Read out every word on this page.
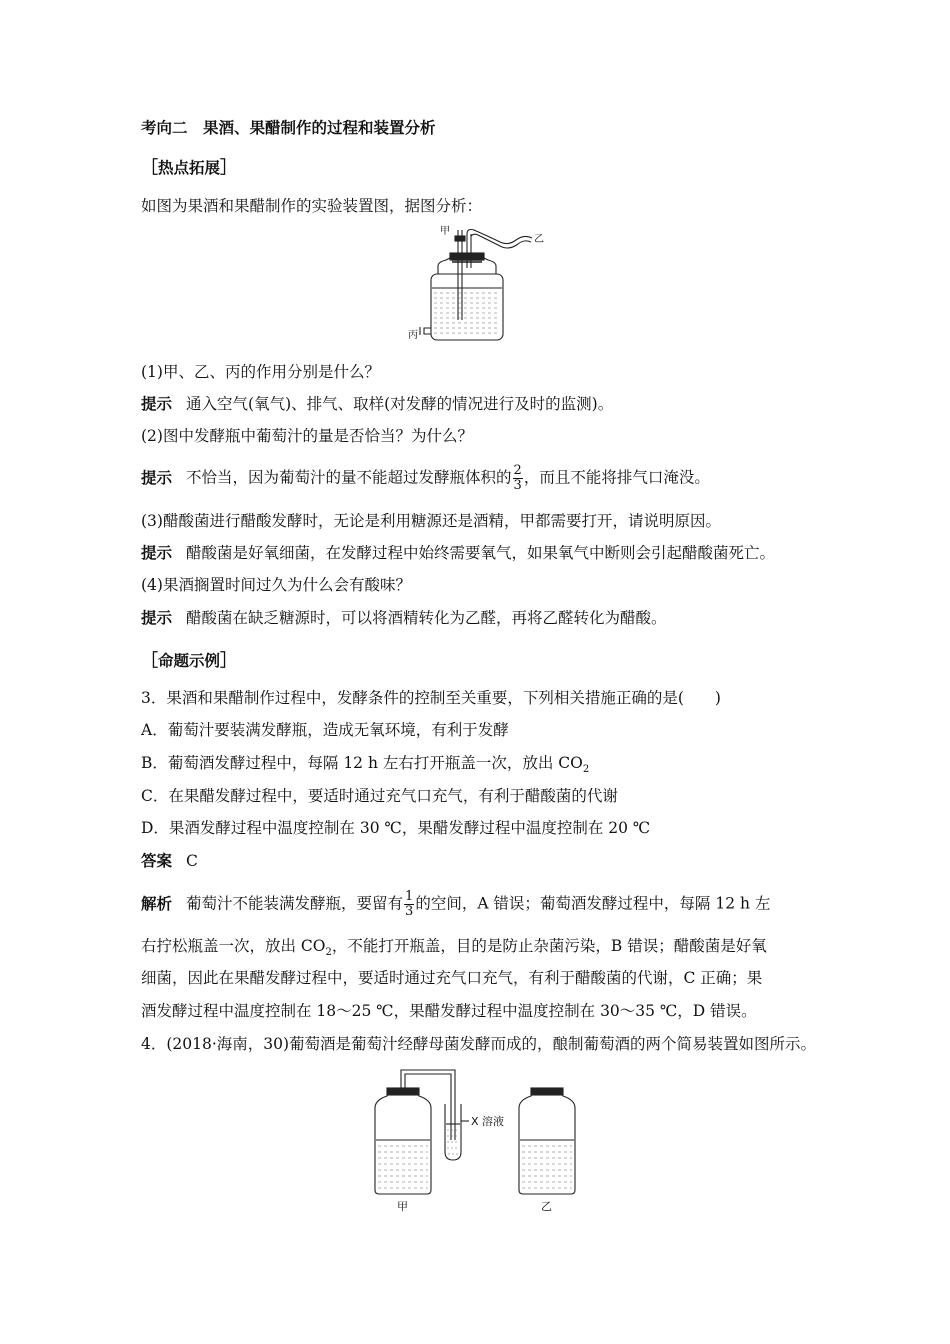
考向二　果酒、果醋制作的过程和装置分析
［热点拓展］
如图为果酒和果醋制作的实验装置图，据图分析：
甲
乙
丙
(1)甲、乙、丙的作用分别是什么？
提示 通入空气(氧气)、排气、取样(对发酵的情况进行及时的监测)。
(2)图中发酵瓶中葡萄汁的量是否恰当？为什么？
提示 不恰当，因为葡萄汁的量不能超过发酵瓶体积的 $\frac{2}{3}$ ，而且不能将排气口淹没。
(3)醋酸菌进行醋酸发酵时，无论是利用糖源还是酒精，甲都需要打开，请说明原因。
提示 醋酸菌是好氧细菌，在发酵过程中始终需要氧气，如果氧气中断则会引起醋酸菌死亡。
(4)果酒搁置时间过久为什么会有酸味？
提示 醋酸菌在缺乏糖源时，可以将酒精转化为乙醛，再将乙醛转化为醋酸。
［命题示例］
3．果酒和果醋制作过程中，发酵条件的控制至关重要，下列相关措施正确的是(　　)
A．葡萄汁要装满发酵瓶，造成无氧环境，有利于发酵
B．葡萄酒发酵过程中，每隔 12 h 左右打开瓶盖一次，放出 $CO_2$
C．在果醋发酵过程中，要适时通过充气口充气，有利于醋酸菌的代谢
D．果酒发酵过程中温度控制在 30 ℃，果醋发酵过程中温度控制在 20 ℃
答案 C
解析 葡萄汁不能装满发酵瓶，要留有 $\frac{1}{3}$ 的空间，A 错误；葡萄酒发酵过程中，每隔 12 h 左
右拧松瓶盖一次，放出 $CO_2$，不能打开瓶盖，目的是防止杂菌污染，B 错误；醋酸菌是好氧
细菌，因此在果醋发酵过程中，要适时通过充气口充气，有利于醋酸菌的代谢，C 正确；果
酒发酵过程中温度控制在 18～25 ℃，果醋发酵过程中温度控制在 30～35 ℃，D 错误。
4．(2018·海南，30)葡萄酒是葡萄汁经酵母菌发酵而成的，酿制葡萄酒的两个简易装置如图所示。
X 溶液
甲	乙
